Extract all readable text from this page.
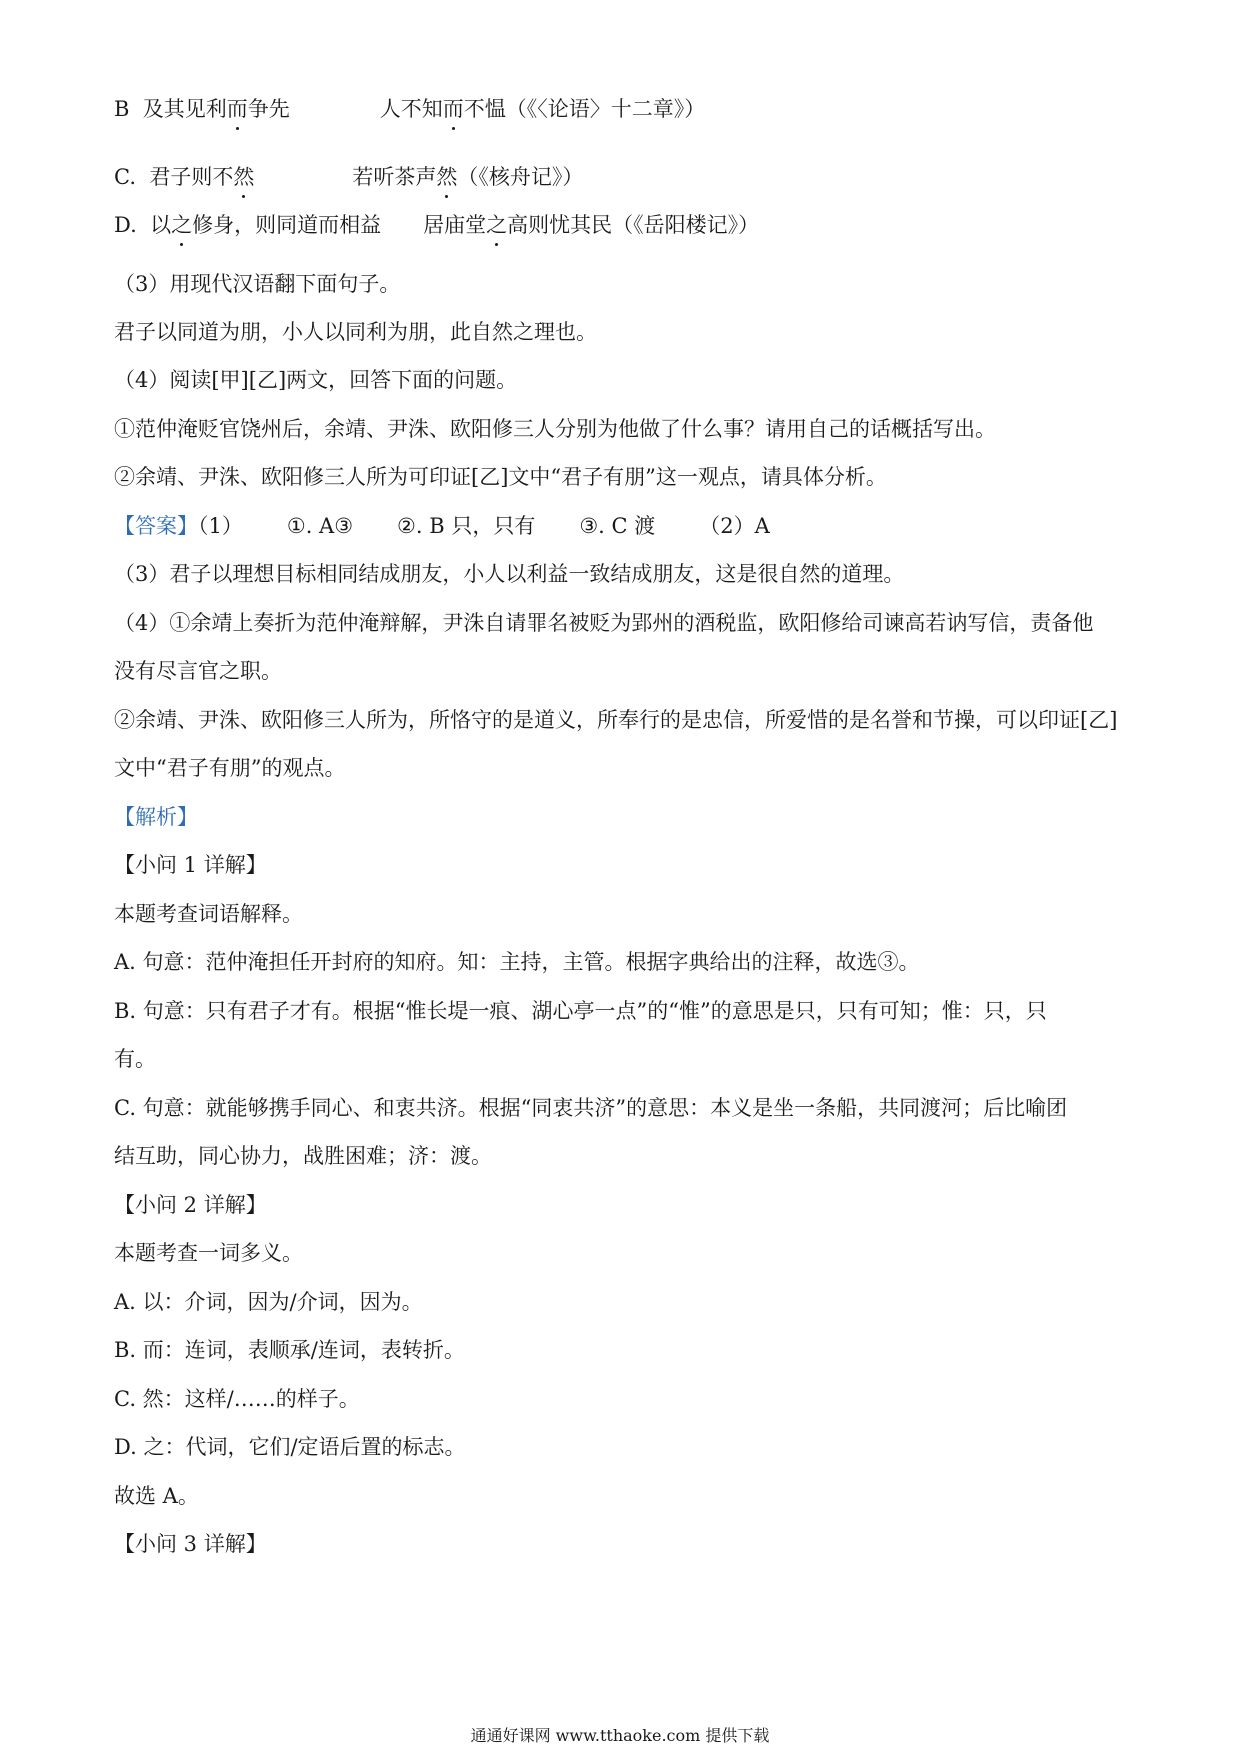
B 及其见利而争先	人不知而不愠（《〈论语〉十二章》）
C. 君子则不然	若听茶声然（《核舟记》）
D. 以之修身，则同道而相益 居庙堂之高则忧其民（《岳阳楼记》）
（3）用现代汉语翻下面句子。
君子以同道为朋，小人以同利为朋，此自然之理也。
（4）阅读[甲][乙]两文，回答下面的问题。
①范仲淹贬官饶州后，余靖、尹洙、欧阳修三人分别为他做了什么事？请用自己的话概括写出。
②余靖、尹洙、欧阳修三人所为可印证[乙]文中“君子有朋”这一观点，请具体分析。
【答案】（1） ①. A③ ②. B 只，只有 ③. C 渡 （2）A
（3）君子以理想目标相同结成朋友，小人以利益一致结成朋友，这是很自然的道理。
（4）①余靖上奏折为范仲淹辩解，尹洙自请罪名被贬为郢州的酒税监，欧阳修给司谏高若讷写信，责备他
没有尽言官之职。
②余靖、尹洙、欧阳修三人所为，所恪守的是道义，所奉行的是忠信，所爱惜的是名誉和节操，可以印证[乙]
文中“君子有朋”的观点。
【解析】
【小问 1 详解】
本题考查词语解释。
A. 句意：范仲淹担任开封府的知府。知：主持，主管。根据字典给出的注释，故选③。
B. 句意：只有君子才有。根据“惟长堤一痕、湖心亭一点”的“惟”的意思是只，只有可知；惟：只，只
有。
C. 句意：就能够携手同心、和衷共济。根据“同衷共济”的意思：本义是坐一条船，共同渡河；后比喻团
结互助，同心协力，战胜困难；济：渡。
【小问 2 详解】
本题考查一词多义。
A. 以：介词，因为/介词，因为。
B. 而：连词，表顺承/连词，表转折。
C. 然：这样/……的样子。
D. 之：代词，它们/定语后置的标志。
故选 A。
【小问 3 详解】
通通好课网 www.tthaoke.com 提供下载
